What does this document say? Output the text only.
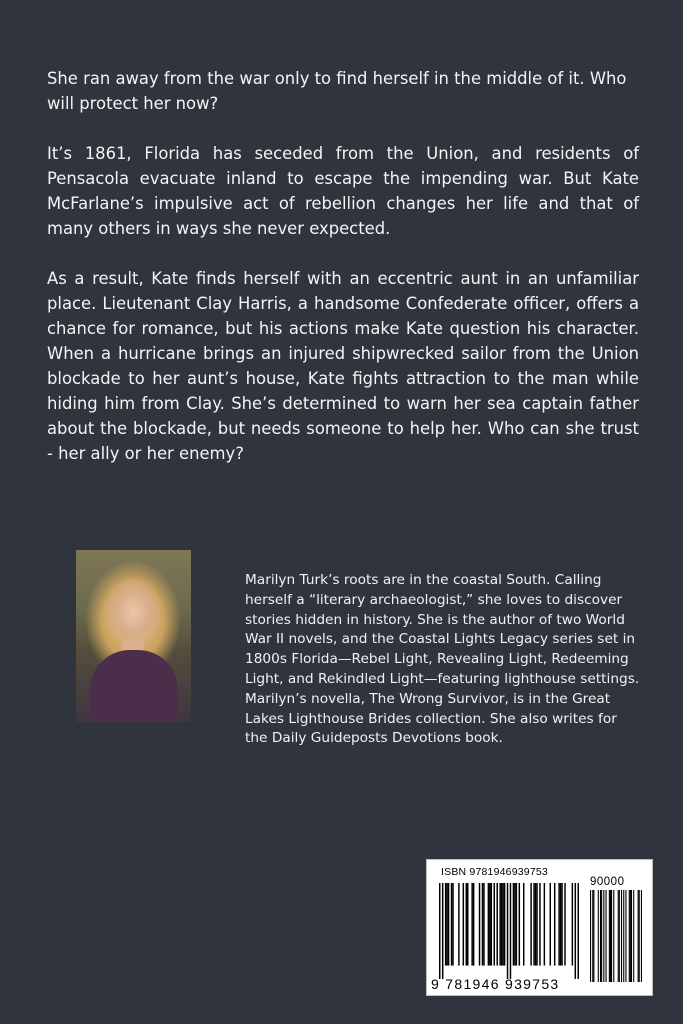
She ran away from the war only to find herself in the middle of it. Who will protect her now?

It’s 1861, Florida has seceded from the Union, and residents of Pensacola evacuate inland to escape the impending war. But Kate McFarlane’s impulsive act of rebellion changes her life and that of many others in ways she never expected.

As a result, Kate finds herself with an eccentric aunt in an unfamiliar place. Lieutenant Clay Harris, a handsome Confederate officer, offers a chance for romance, but his actions make Kate question his character. When a hurricane brings an injured shipwrecked sailor from the Union blockade to her aunt’s house, Kate fights attraction to the man while hiding him from Clay. She’s determined to warn her sea captain father about the blockade, but needs someone to help her. Who can she trust - her ally or her enemy?

Marilyn Turk’s roots are in the coastal South. Calling herself a “literary archaeologist,” she loves to discover stories hidden in history. She is the author of two World War II novels, and the Coastal Lights Legacy series set in 1800s Florida—Rebel Light, Revealing Light, Redeeming Light, and Rekindled Light—featuring lighthouse settings. Marilyn’s novella, The Wrong Survivor, is in the Great Lakes Lighthouse Brides collection. She also writes for the Daily Guideposts Devotions book.

ISBN 9781946939753
90000
9 781946 939753
